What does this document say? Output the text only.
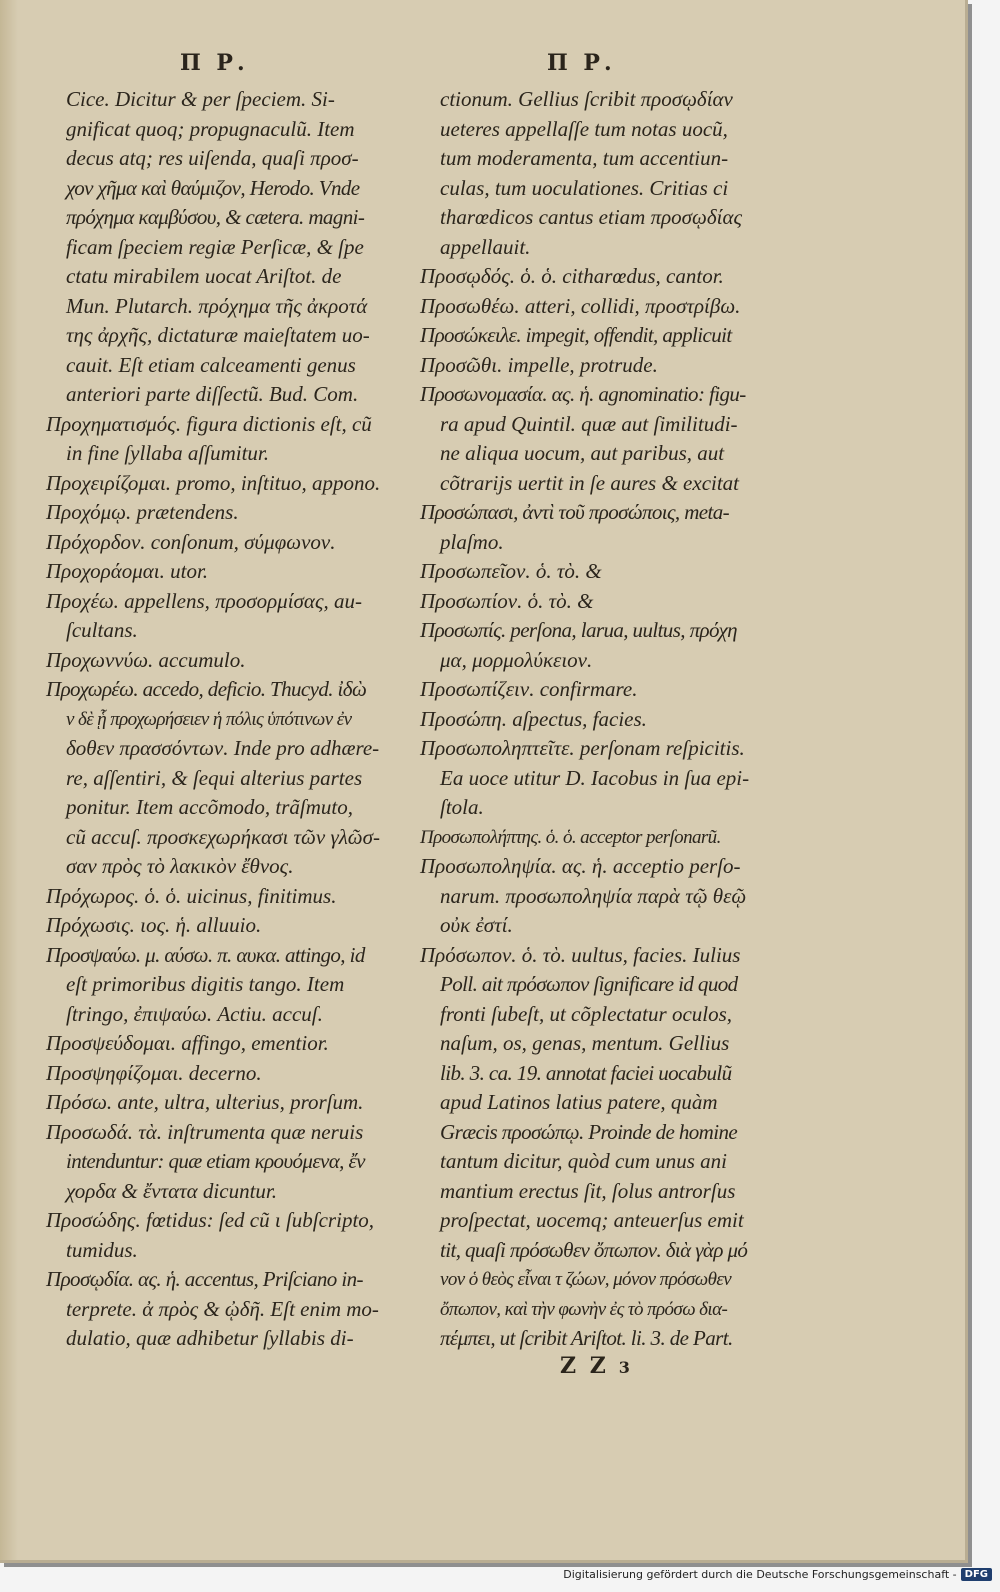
Π Ρ.	Π Ρ.
Cice. Dicitur & per ſpeciem. Si-
gnificat quoq; propugnaculũ. Item
decus atq; res uiſenda, quaſi προσ-
χον χῆμα καὶ θαύμιζον, Herodo. Vnde
πρόχημα καμβύσου, & cætera. magni-
ficam ſpeciem regiæ Perſicæ, & ſpe
ctatu mirabilem uocat Ariſtot. de
Mun. Plutarch. πρόχημα τῆς ἀκροτά
της ἀρχῆς, dictaturæ maieſtatem uo-
cauit. Eſt etiam calceamenti genus
anteriori parte diſſectũ. Bud. Com.
Προχηματισμός. figura dictionis eſt, cũ
in fine ſyllaba aſſumitur.
Προχειρίζομαι. promo, inſtituo, appono.
Προχόμῳ. prætendens.
Πρόχορδον. conſonum, σύμφωνον.
Προχοράομαι. utor.
Προχέω. appellens, προσορμίσας, au-
ſcultans.
Προχωννύω. accumulo.
Προχωρέω. accedo, deficio. Thucyd. ἰδὼ
ν δὲ ᾗ προχωρήσειεν ἡ πόλις ὑπότινων ἐν
δοθεν πρασσόντων. Inde pro adhære-
re, aſſentiri, & ſequi alterius partes
ponitur. Item accõmodo, trãſmuto,
cũ accuſ. προσκεχωρήκασι τῶν γλῶσ-
σαν πρὸς τὸ λακικὸν ἔθνος.
Πρόχωρος. ὁ. ὁ. uicinus, finitimus.
Πρόχωσις. ιος. ἡ. alluuio.
Προσψαύω. μ. αύσω. π. αυκα. attingo, id
eſt primoribus digitis tango. Item
ſtringo, ἐπιψαύω. Actiu. accuſ.
Προσψεύδομαι. affingo, ementior.
Προσψηφίζομαι. decerno.
Πρόσω. ante, ultra, ulterius, prorſum.
Προσωδά. τὰ. inſtrumenta quæ neruis
intenduntur: quæ etiam κρουόμενα, ἔν
χορδα & ἔντατα dicuntur.
Προσώδης. fœtidus: ſed cũ ι ſubſcripto,
tumidus.
Προσῳδία. ας. ἡ. accentus, Priſciano in-
terprete. ἀ πρὸς & ᾠδῆ. Eſt enim mo-
dulatio, quæ adhibetur ſyllabis di-
ctionum. Gellius ſcribit προσῳδίαν
ueteres appellaſſe tum notas uocũ,
tum moderamenta, tum accentiun-
culas, tum uoculationes. Critias ci
tharœdicos cantus etiam προσῳδίας
appellauit.
Προσῳδός. ὁ. ὁ. citharœdus, cantor.
Προσωθέω. atteri, collidi, προστρίβω.
Προσώκειλε. impegit, offendit, applicuit
Προσῶθι. impelle, protrude.
Προσωνομασία. ας. ἡ. agnominatio: figu-
ra apud Quintil. quæ aut ſimilitudi-
ne aliqua uocum, aut paribus, aut
cõtrarijs uertit in ſe aures & excitat
Προσώπασι, ἀντὶ τοῦ προσώποις, meta-
plaſmo.
Προσωπεῖον. ὁ. τὸ. &
Προσωπίον. ὁ. τὸ. &
Προσωπίς. perſona, larua, uultus, πρόχη
μα, μορμολύκειον.
Προσωπίζειν. confirmare.
Προσώπη. aſpectus, facies.
Προσωποληπτεῖτε. perſonam reſpicitis.
Ea uoce utitur D. Iacobus in ſua epi-
ſtola.
Προσωπολήπτης. ὁ. ὁ. acceptor perſonarũ.
Προσωποληψία. ας. ἡ. acceptio perſo-
narum. προσωποληψία παρὰ τῷ θεῷ
οὐκ ἐστί.
Πρόσωπον. ὁ. τὸ. uultus, facies. Iulius
Poll. ait πρόσωπον ſignificare id quod
fronti ſubeſt, ut cõplectatur oculos,
naſum, os, genas, mentum. Gellius
lib. 3. ca. 19. annotat faciei uocabulũ
apud Latinos latius patere, quàm
Græcis προσώπῳ. Proinde de homine
tantum dicitur, quòd cum unus ani
mantium erectus ſit, ſolus antrorſus
proſpectat, uocemq; anteuerſus emit
tit, quaſi πρόσωθεν ὄπωπον. διὰ γὰρ μό
νον ὁ θεὸς εἶναι τ ζώων, μόνον πρόσωθεν
ὄπωπον, καὶ τὴν φωνὴν ἐς τὸ πρόσω δια-
πέμπει, ut ſcribit Ariſtot. li. 3. de Part.
Z Z 3
Digitalisierung gefördert durch die Deutsche Forschungsgemeinschaft - DFG
